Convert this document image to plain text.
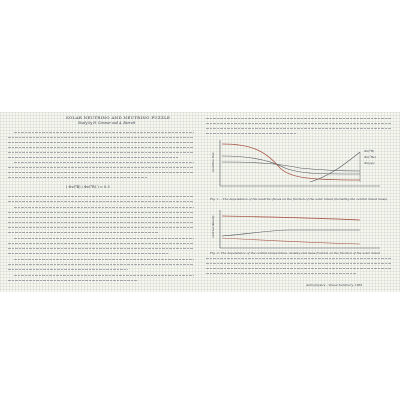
SOLAR NEUTRINO AND NEUTRINO PUZZLE
Study by H. Gimmer and A. Barrett
( Φν(⁸B) / Φν(⁸B) ) ≈ 0.3
neutrino flux
Φν(⁸B)
Φν(⁷Be)
Φν(pp)
Fig. 1. - The dependence of the neutrino fluxes on the fraction of the solar mixed (including the central mixed mass)
central density
Fig. 2. The dependence of the central temperature, density and mass fraction on the fraction of the solar mixed
Astrophysics - Visual Summary, 1963
